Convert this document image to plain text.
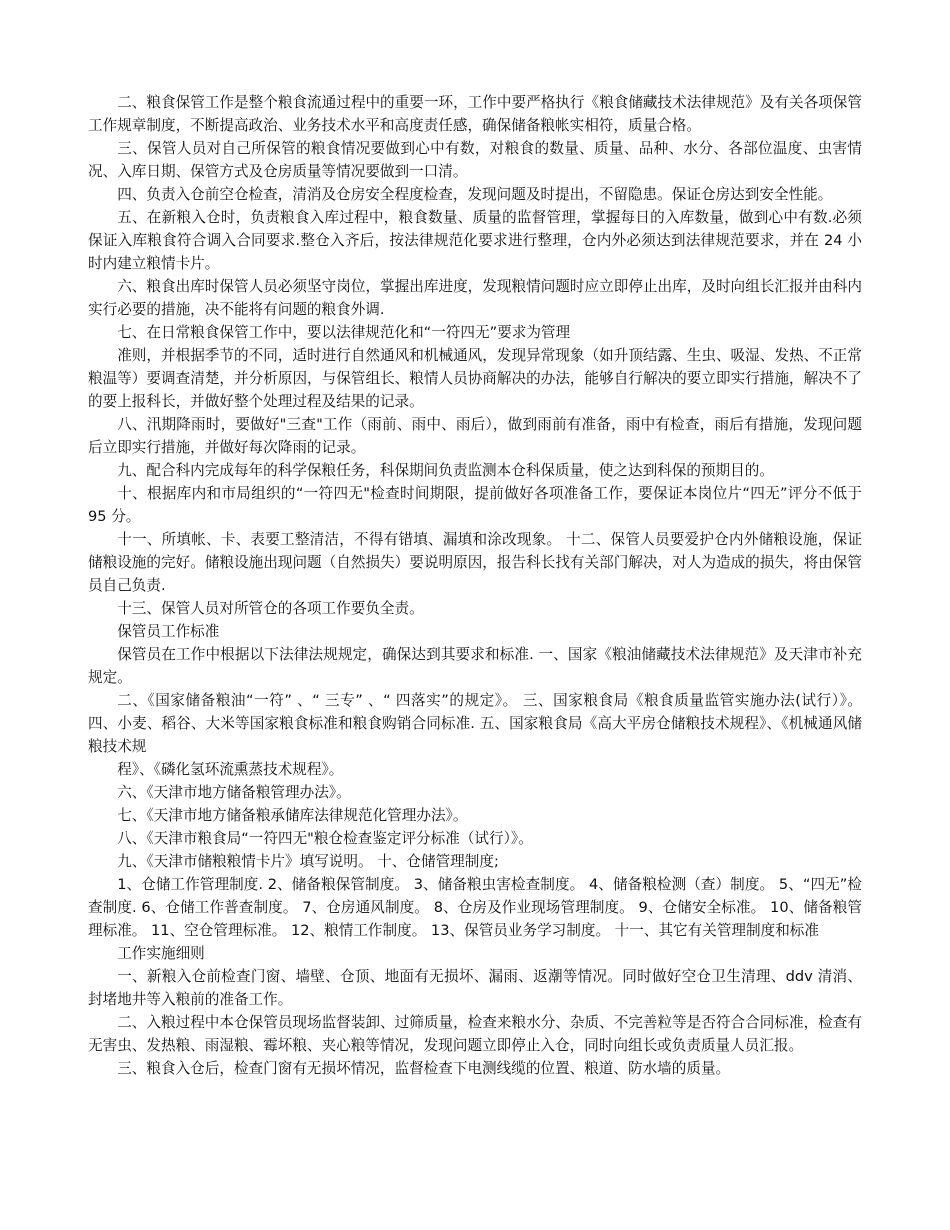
二、粮食保管工作是整个粮食流通过程中的重要一环，工作中要严格执行《粮食储藏技术法律规范》及有关各项保管工作规章制度，不断提高政治、业务技术水平和高度责任感，确保储备粮帐实相符，质量合格。

三、保管人员对自己所保管的粮食情况要做到心中有数，对粮食的数量、质量、品种、水分、各部位温度、虫害情况、入库日期、保管方式及仓房质量等情况要做到一口清。

四、负责入仓前空仓检查，清消及仓房安全程度检查，发现问题及时提出，不留隐患。保证仓房达到安全性能。

五、在新粮入仓时，负责粮食入库过程中，粮食数量、质量的监督管理，掌握每日的入库数量，做到心中有数.必须保证入库粮食符合调入合同要求.整仓入齐后，按法律规范化要求进行整理，仓内外必须达到法律规范要求，并在 24 小时内建立粮情卡片。

六、粮食出库时保管人员必须坚守岗位，掌握出库进度，发现粮情问题时应立即停止出库，及时向组长汇报并由科内实行必要的措施，决不能将有问题的粮食外调.

七、在日常粮食保管工作中，要以法律规范化和“一符四无”要求为管理

准则，并根据季节的不同，适时进行自然通风和机械通风，发现异常现象（如升顶结露、生虫、吸湿、发热、不正常粮温等）要调查清楚，并分析原因，与保管组长、粮情人员协商解决的办法，能够自行解决的要立即实行措施，解决不了的要上报科长，并做好整个处理过程及结果的记录。

八、汛期降雨时，要做好"三查"工作（雨前、雨中、雨后），做到雨前有准备，雨中有检查，雨后有措施，发现问题后立即实行措施，并做好每次降雨的记录。

九、配合科内完成每年的科学保粮任务，科保期间负责监测本仓科保质量，使之达到科保的预期目的。

十、根据库内和市局组织的“一符四无"检查时间期限，提前做好各项准备工作，要保证本岗位片“四无”评分不低于 95 分。

十一、所填帐、卡、表要工整清洁，不得有错填、漏填和涂改现象。 十二、保管人员要爱护仓内外储粮设施，保证储粮设施的完好。储粮设施出现问题（自然损失）要说明原因，报告科长找有关部门解决，对人为造成的损失，将由保管员自己负责.

十三、保管人员对所管仓的各项工作要负全责。

保管员工作标准

保管员在工作中根据以下法律法规规定，确保达到其要求和标准. 一、国家《粮油储藏技术法律规范》及天津市补充规定。

二、《国家储备粮油“一符” 、“ 三专” 、“ 四落实”的规定》。 三、国家粮食局《粮食质量监管实施办法(试行）》。 四、小麦、稻谷、大米等国家粮食标准和粮食购销合同标准. 五、国家粮食局《高大平房仓储粮技术规程》、《机械通风储粮技术规

程》、《磷化氢环流熏蒸技术规程》。

六、《天津市地方储备粮管理办法》。

七、《天津市地方储备粮承储库法律规范化管理办法》。

八、《天津市粮食局“一符四无"粮仓检查鉴定评分标准（试行）》。

九、《天津市储粮粮情卡片》填写说明。 十、仓储管理制度;

1、仓储工作管理制度. 2、储备粮保管制度。 3、储备粮虫害检查制度。 4、储备粮检测（查）制度。 5、“四无”检查制度. 6、仓储工作普查制度。 7、仓房通风制度。 8、仓房及作业现场管理制度。 9、仓储安全标准。 10、储备粮管理标准。 11、空仓管理标准。 12、粮情工作制度。 13、保管员业务学习制度。 十一、其它有关管理制度和标准

工作实施细则

一、新粮入仓前检查门窗、墙壁、仓顶、地面有无损坏、漏雨、返潮等情况。同时做好空仓卫生清理、ddv 清消、封堵地井等入粮前的准备工作。

二、入粮过程中本仓保管员现场监督装卸、过筛质量，检查来粮水分、杂质、不完善粒等是否符合合同标准，检查有无害虫、发热粮、雨湿粮、霉坏粮、夹心粮等情况，发现问题立即停止入仓，同时向组长或负责质量人员汇报。

三、粮食入仓后，检查门窗有无损坏情况，监督检查下电测线缆的位置、粮道、防水墙的质量。
